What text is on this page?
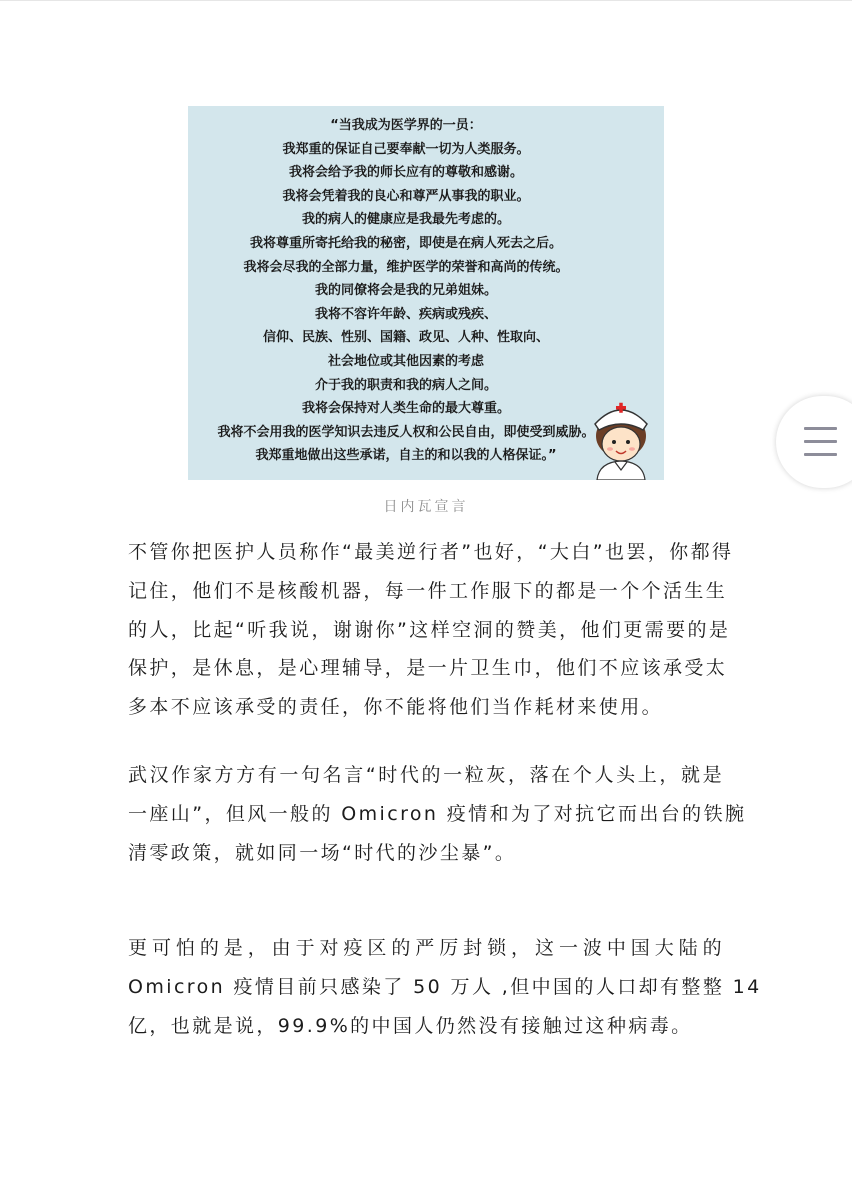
“当我成为医学界的一员：
我郑重的保证自己要奉献一切为人类服务。
我将会给予我的师长应有的尊敬和感谢。
我将会凭着我的良心和尊严从事我的职业。
我的病人的健康应是我最先考虑的。
我将尊重所寄托给我的秘密，即使是在病人死去之后。
我将会尽我的全部力量，维护医学的荣誉和高尚的传统。
我的同僚将会是我的兄弟姐妹。
我将不容许年龄、疾病或残疾、
信仰、民族、性别、国籍、政见、人种、性取向、
社会地位或其他因素的考虑
介于我的职责和我的病人之间。
我将会保持对人类生命的最大尊重。
我将不会用我的医学知识去违反人权和公民自由，即使受到威胁。
我郑重地做出这些承诺，自主的和以我的人格保证。”
日内瓦宣言
不管你把医护人员称作“最美逆行者”也好，“大白”也罢，你都得
记住，他们不是核酸机器，每一件工作服下的都是一个个活生生
的人，比起“听我说，谢谢你”这样空洞的赞美，他们更需要的是
保护，是休息，是心理辅导，是一片卫生巾，他们不应该承受太
多本不应该承受的责任，你不能将他们当作耗材来使用。
武汉作家方方有一句名言“时代的一粒灰，落在个人头上，就是
一座山”，但风一般的 Omicron 疫情和为了对抗它而出台的铁腕
清零政策，就如同一场“时代的沙尘暴”。
更可怕的是，由于对疫区的严厉封锁，这一波中国大陆的
Omicron 疫情目前只感染了 50 万人 ,但中国的人口却有整整 14
亿，也就是说，99.9%的中国人仍然没有接触过这种病毒。
